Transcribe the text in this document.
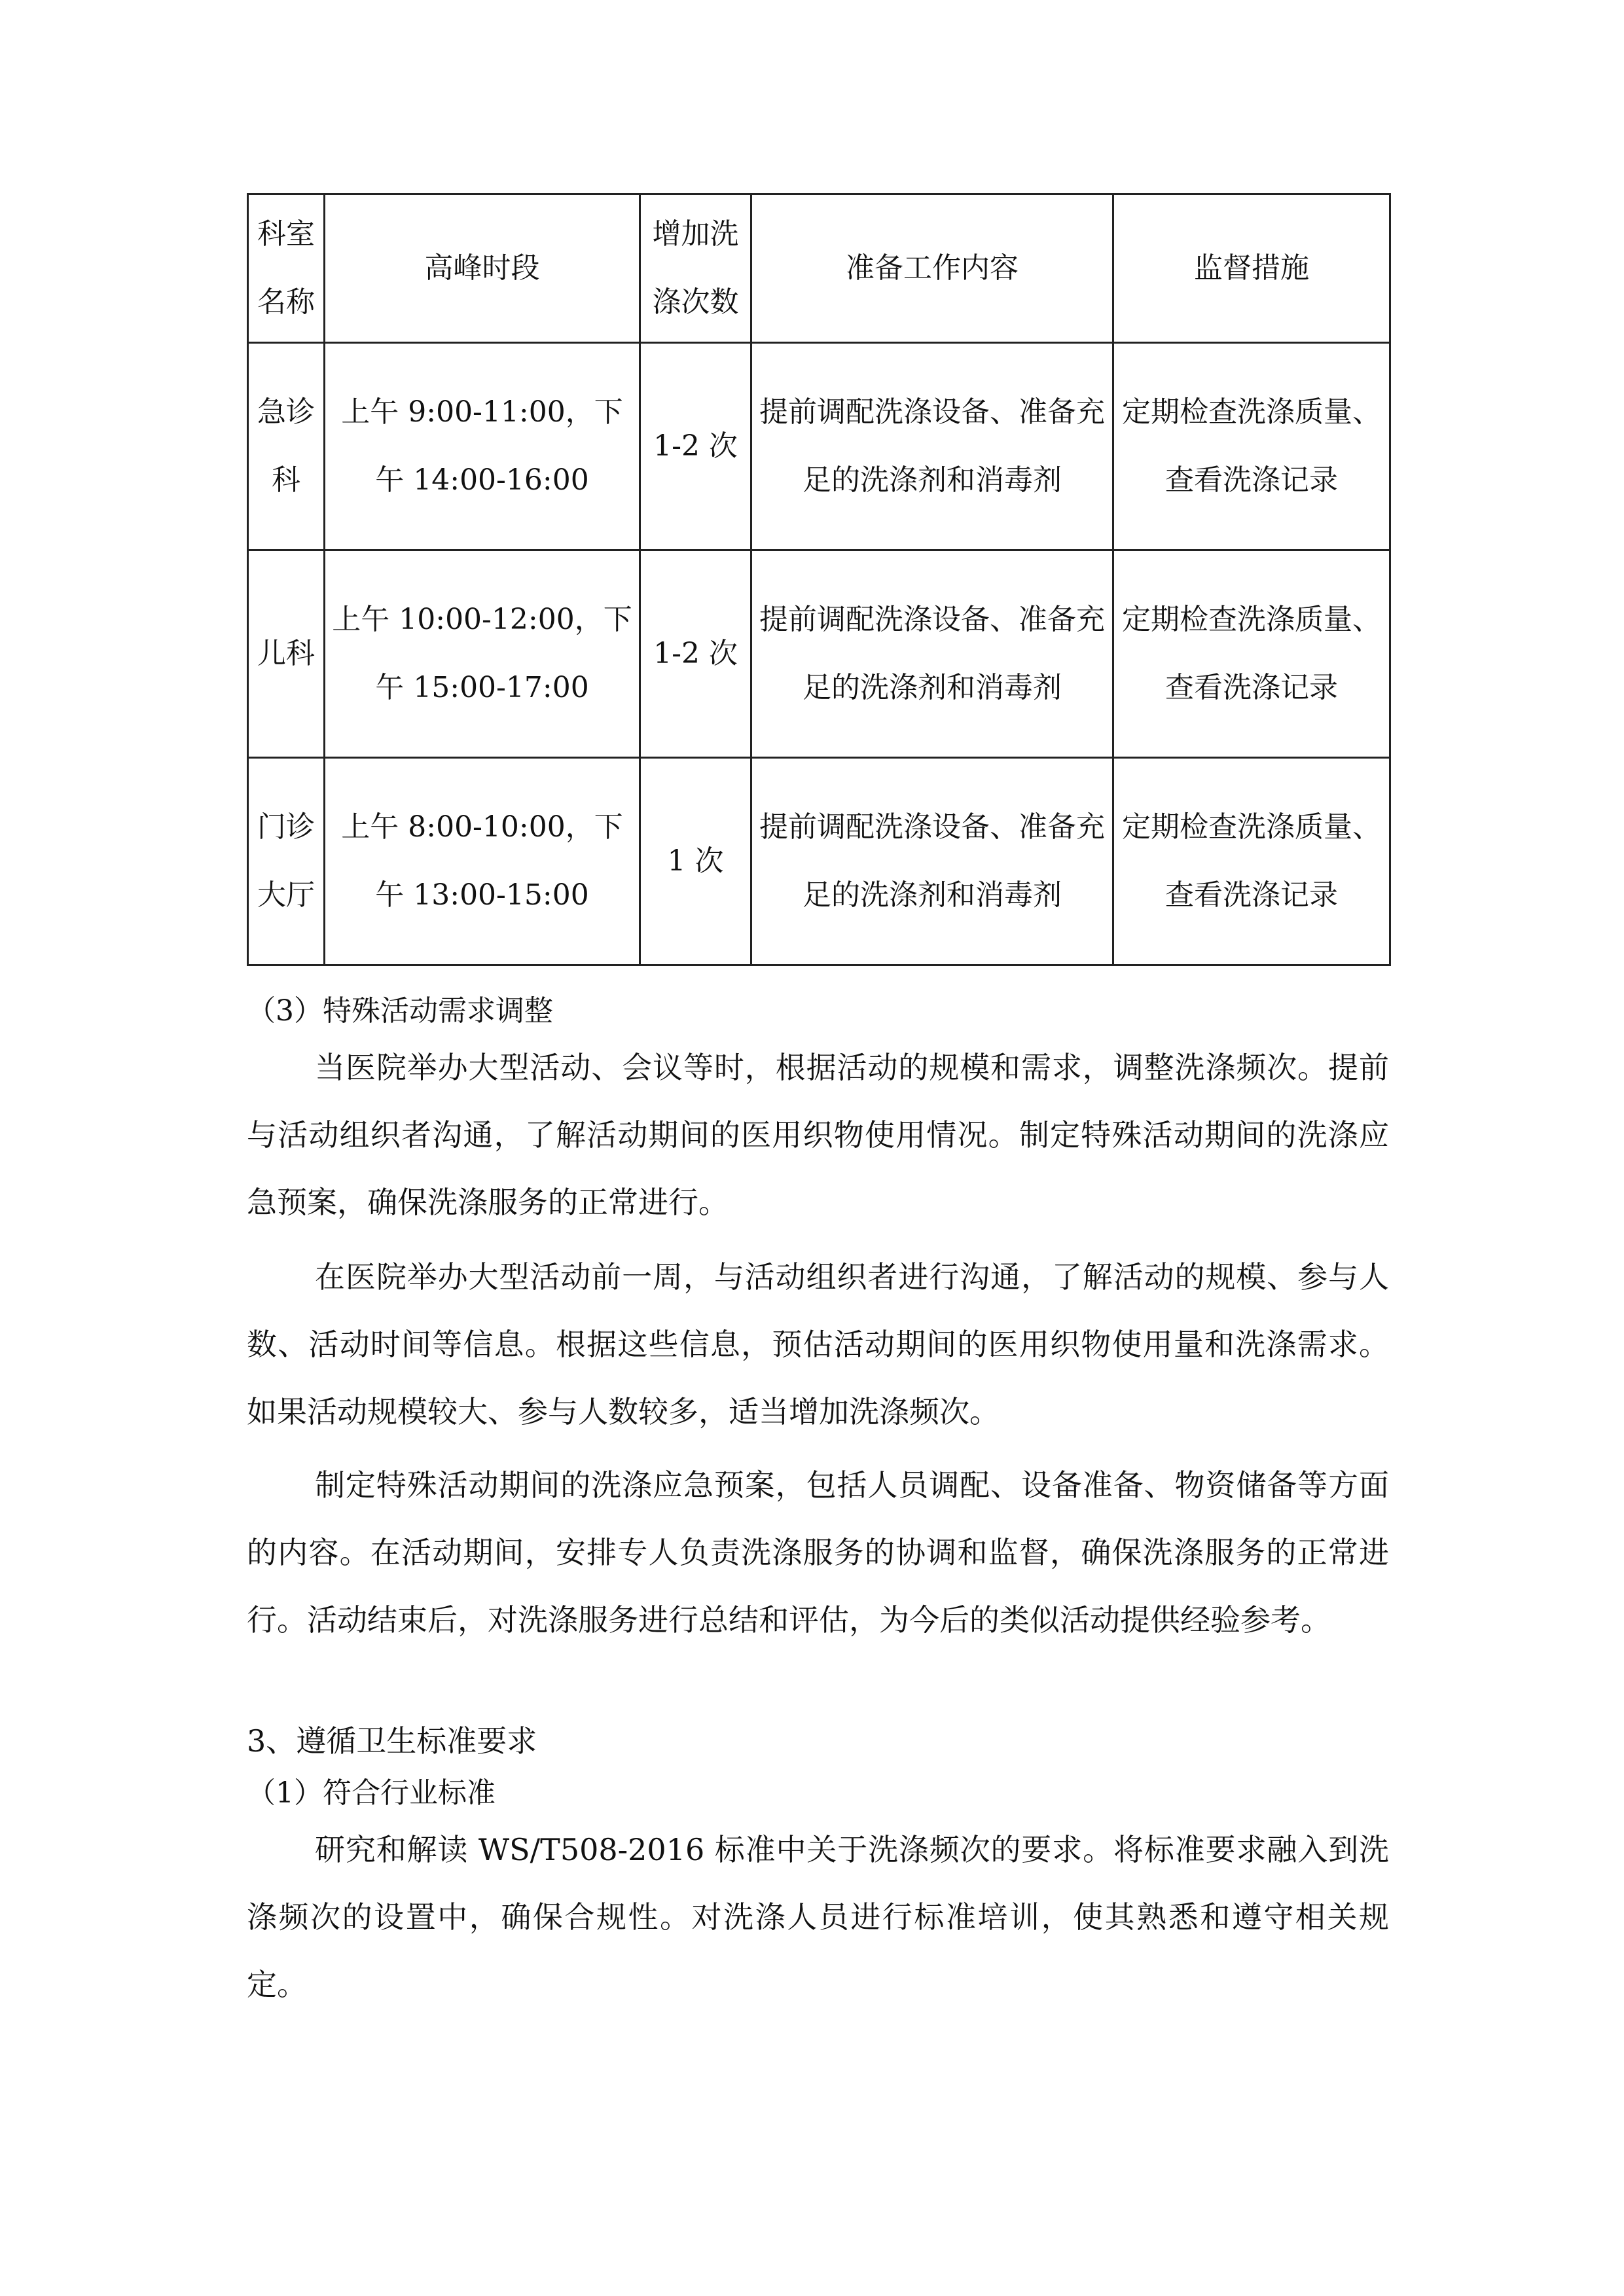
科室名称	高峰时段	增加洗涤次数	准备工作内容	监督措施
急诊科	上午 9:00-11:00，下午 14:00-16:00	1-2 次	提前调配洗涤设备、准备充足的洗涤剂和消毒剂	定期检查洗涤质量、查看洗涤记录
儿科	上午 10:00-12:00，下午 15:00-17:00	1-2 次	提前调配洗涤设备、准备充足的洗涤剂和消毒剂	定期检查洗涤质量、查看洗涤记录
门诊大厅	上午 8:00-10:00，下午 13:00-15:00	1 次	提前调配洗涤设备、准备充足的洗涤剂和消毒剂	定期检查洗涤质量、查看洗涤记录
（3）特殊活动需求调整

当医院举办大型活动、会议等时，根据活动的规模和需求，调整洗涤频次。提前与活动组织者沟通，了解活动期间的医用织物使用情况。制定特殊活动期间的洗涤应急预案，确保洗涤服务的正常进行。

在医院举办大型活动前一周，与活动组织者进行沟通，了解活动的规模、参与人数、活动时间等信息。根据这些信息，预估活动期间的医用织物使用量和洗涤需求。如果活动规模较大、参与人数较多，适当增加洗涤频次。

制定特殊活动期间的洗涤应急预案，包括人员调配、设备准备、物资储备等方面的内容。在活动期间，安排专人负责洗涤服务的协调和监督，确保洗涤服务的正常进行。活动结束后，对洗涤服务进行总结和评估，为今后的类似活动提供经验参考。

3、遵循卫生标准要求
（1）符合行业标准

研究和解读 WS/T508-2016 标准中关于洗涤频次的要求。将标准要求融入到洗涤频次的设置中，确保合规性。对洗涤人员进行标准培训，使其熟悉和遵守相关规定。
